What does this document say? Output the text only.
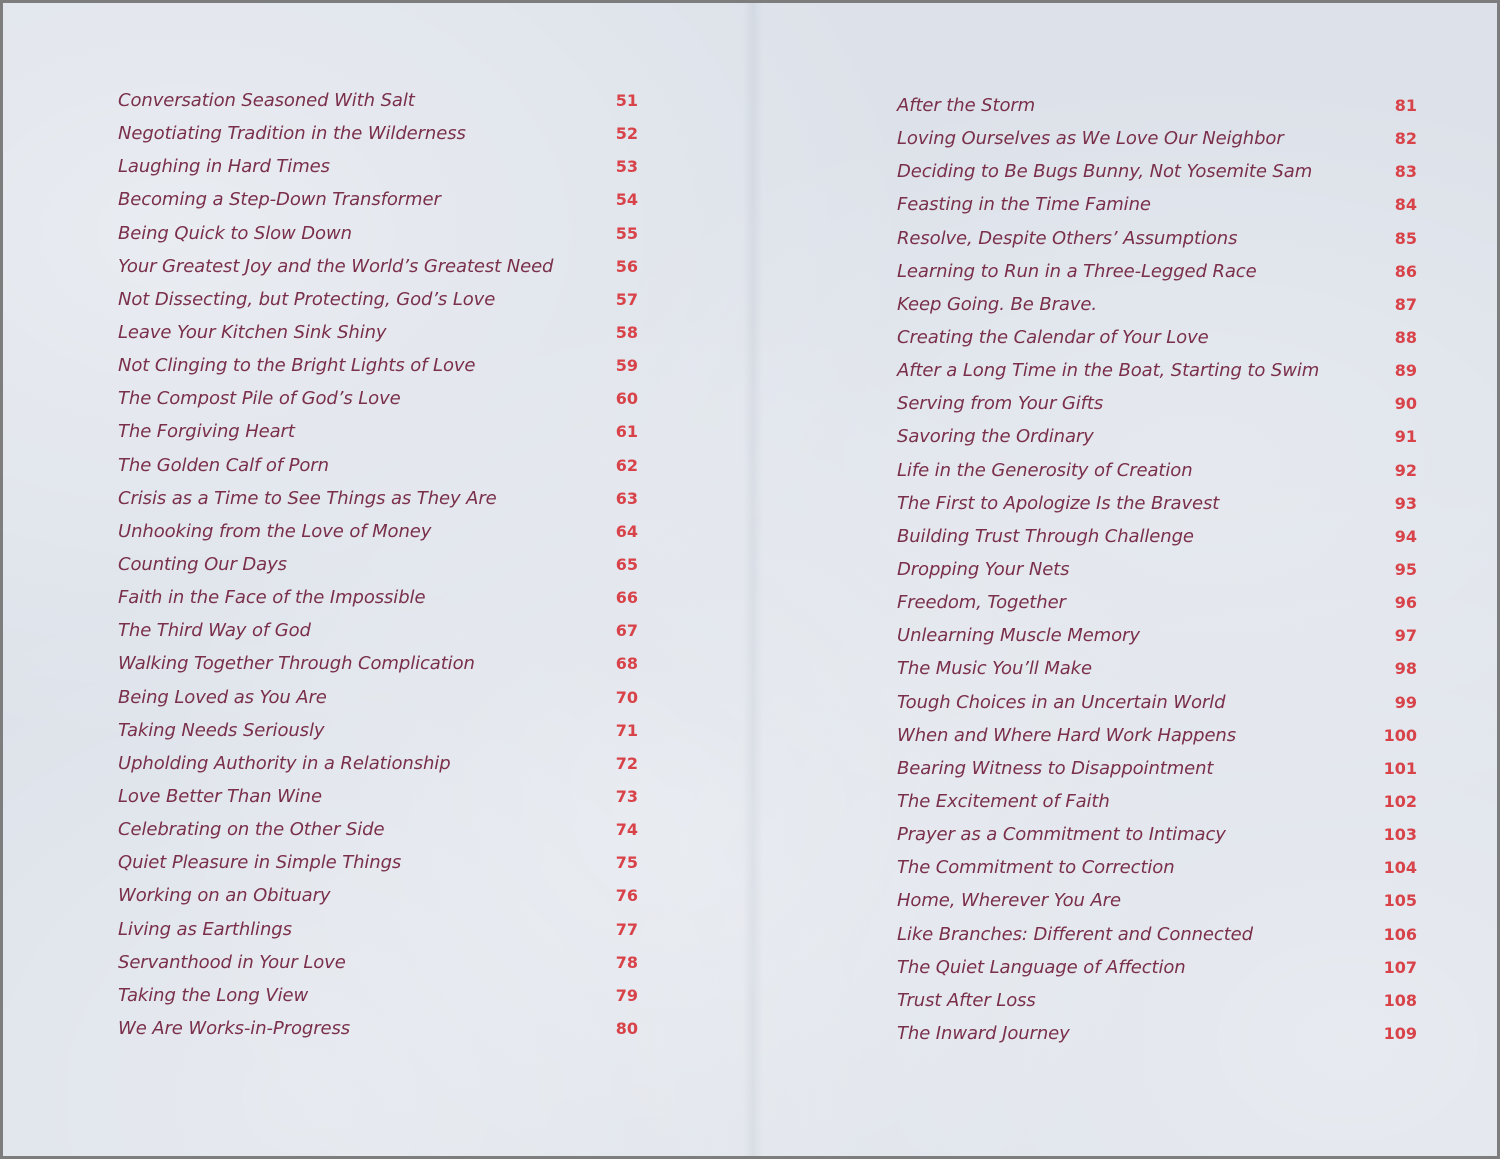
Conversation Seasoned With Salt	51
Negotiating Tradition in the Wilderness	52
Laughing in Hard Times	53
Becoming a Step-Down Transformer	54
Being Quick to Slow Down	55
Your Greatest Joy and the World’s Greatest Need	56
Not Dissecting, but Protecting, God’s Love	57
Leave Your Kitchen Sink Shiny	58
Not Clinging to the Bright Lights of Love	59
The Compost Pile of God’s Love	60
The Forgiving Heart	61
The Golden Calf of Porn	62
Crisis as a Time to See Things as They Are	63
Unhooking from the Love of Money	64
Counting Our Days	65
Faith in the Face of the Impossible	66
The Third Way of God	67
Walking Together Through Complication	68
Being Loved as You Are	70
Taking Needs Seriously	71
Upholding Authority in a Relationship	72
Love Better Than Wine	73
Celebrating on the Other Side	74
Quiet Pleasure in Simple Things	75
Working on an Obituary	76
Living as Earthlings	77
Servanthood in Your Love	78
Taking the Long View	79
We Are Works-in-Progress	80
After the Storm	81
Loving Ourselves as We Love Our Neighbor	82
Deciding to Be Bugs Bunny, Not Yosemite Sam	83
Feasting in the Time Famine	84
Resolve, Despite Others’ Assumptions	85
Learning to Run in a Three-Legged Race	86
Keep Going. Be Brave.	87
Creating the Calendar of Your Love	88
After a Long Time in the Boat, Starting to Swim	89
Serving from Your Gifts	90
Savoring the Ordinary	91
Life in the Generosity of Creation	92
The First to Apologize Is the Bravest	93
Building Trust Through Challenge	94
Dropping Your Nets	95
Freedom, Together	96
Unlearning Muscle Memory	97
The Music You’ll Make	98
Tough Choices in an Uncertain World	99
When and Where Hard Work Happens	100
Bearing Witness to Disappointment	101
The Excitement of Faith	102
Prayer as a Commitment to Intimacy	103
The Commitment to Correction	104
Home, Wherever You Are	105
Like Branches: Different and Connected	106
The Quiet Language of Affection	107
Trust After Loss	108
The Inward Journey	109
